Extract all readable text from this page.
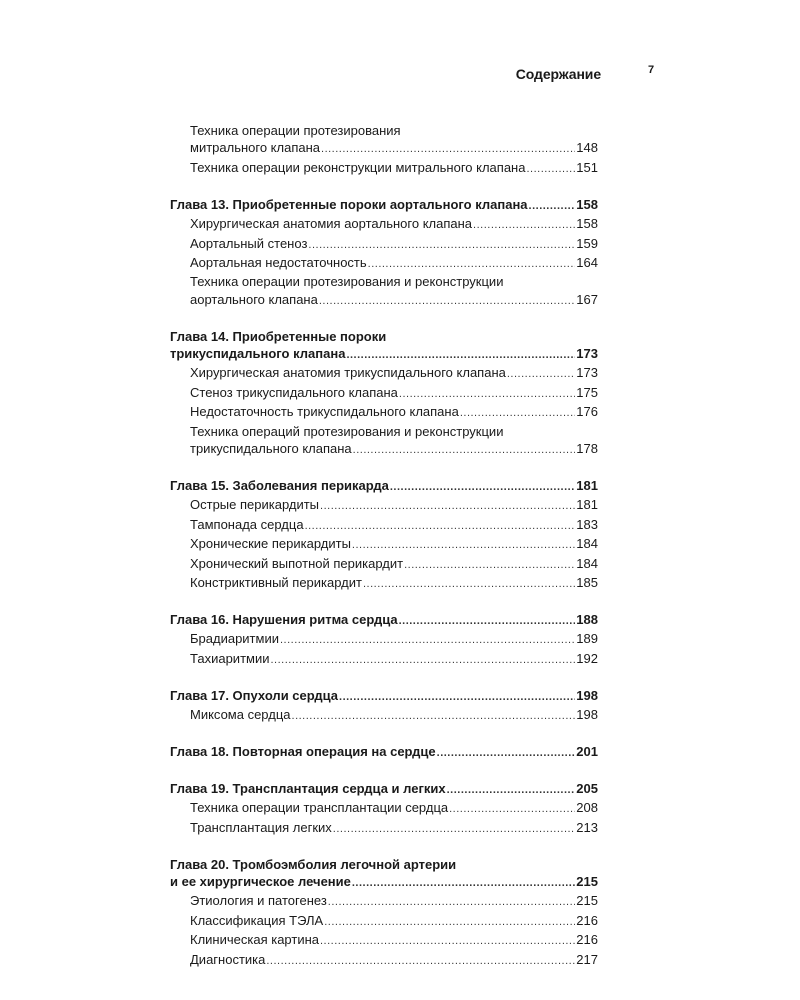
Содержание	7
Техника операции протезирования
митрального клапана .....	148
Техника операции реконструкции митрального клапана .....	151
Глава 13. Приобретенные пороки аортального клапана .....	158
Хирургическая анатомия аортального клапана .....	158
Аортальный стеноз .....	159
Аортальная недостаточность .....	164
Техника операции протезирования и реконструкции
аортального клапана .....	167
Глава 14. Приобретенные пороки
трикуспидального клапана .....	173
Хирургическая анатомия трикуспидального клапана .....	173
Стеноз трикуспидального клапана .....	175
Недостаточность трикуспидального клапана .....	176
Техника операций протезирования и реконструкции
трикуспидального клапана .....	178
Глава 15. Заболевания перикарда .....	181
Острые перикардиты .....	181
Тампонада сердца .....	183
Хронические перикардиты .....	184
Хронический выпотной перикардит .....	184
Констриктивный перикардит .....	185
Глава 16. Нарушения ритма сердца .....	188
Брадиаритмии .....	189
Тахиаритмии .....	192
Глава 17. Опухоли сердца .....	198
Миксома сердца .....	198
Глава 18. Повторная операция на сердце .....	201
Глава 19. Трансплантация сердца и легких .....	205
Техника операции трансплантации сердца .....	208
Трансплантация легких .....	213
Глава 20. Тромбоэмболия легочной артерии
и ее хирургическое лечение .....	215
Этиология и патогенез .....	215
Классификация ТЭЛА .....	216
Клиническая картина .....	216
Диагностика .....	217
